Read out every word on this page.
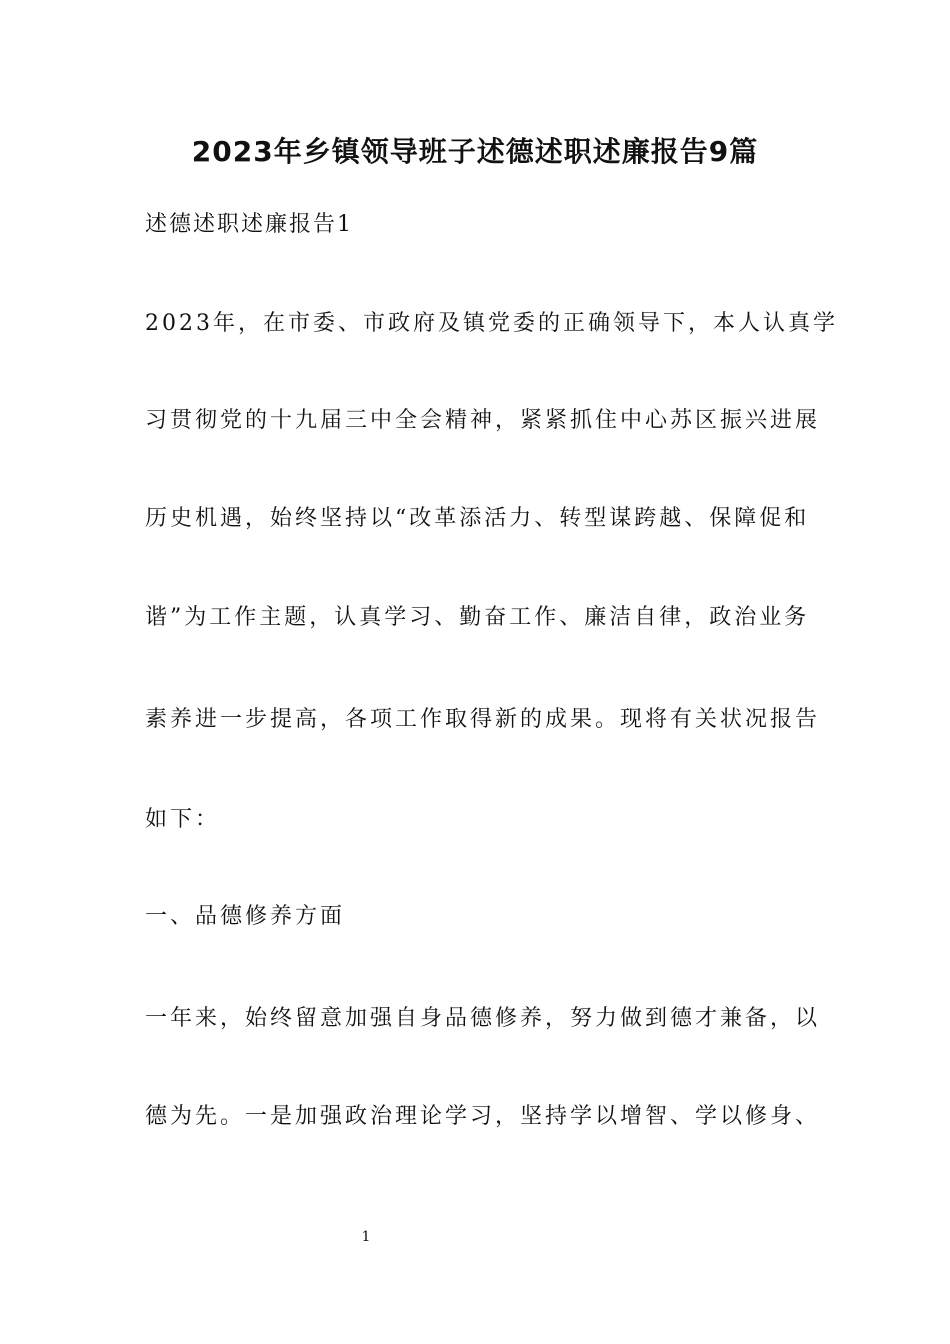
2023年乡镇领导班子述德述职述廉报告9篇
述德述职述廉报告1
2023年，在市委、市政府及镇党委的正确领导下，本人认真学
习贯彻党的十九届三中全会精神，紧紧抓住中心苏区振兴进展
历史机遇，始终坚持以“改革添活力、转型谋跨越、保障促和
谐”为工作主题，认真学习、勤奋工作、廉洁自律，政治业务
素养进一步提高，各项工作取得新的成果。现将有关状况报告
如下：
一、品德修养方面
一年来，始终留意加强自身品德修养，努力做到德才兼备，以
德为先。一是加强政治理论学习，坚持学以增智、学以修身、
1
